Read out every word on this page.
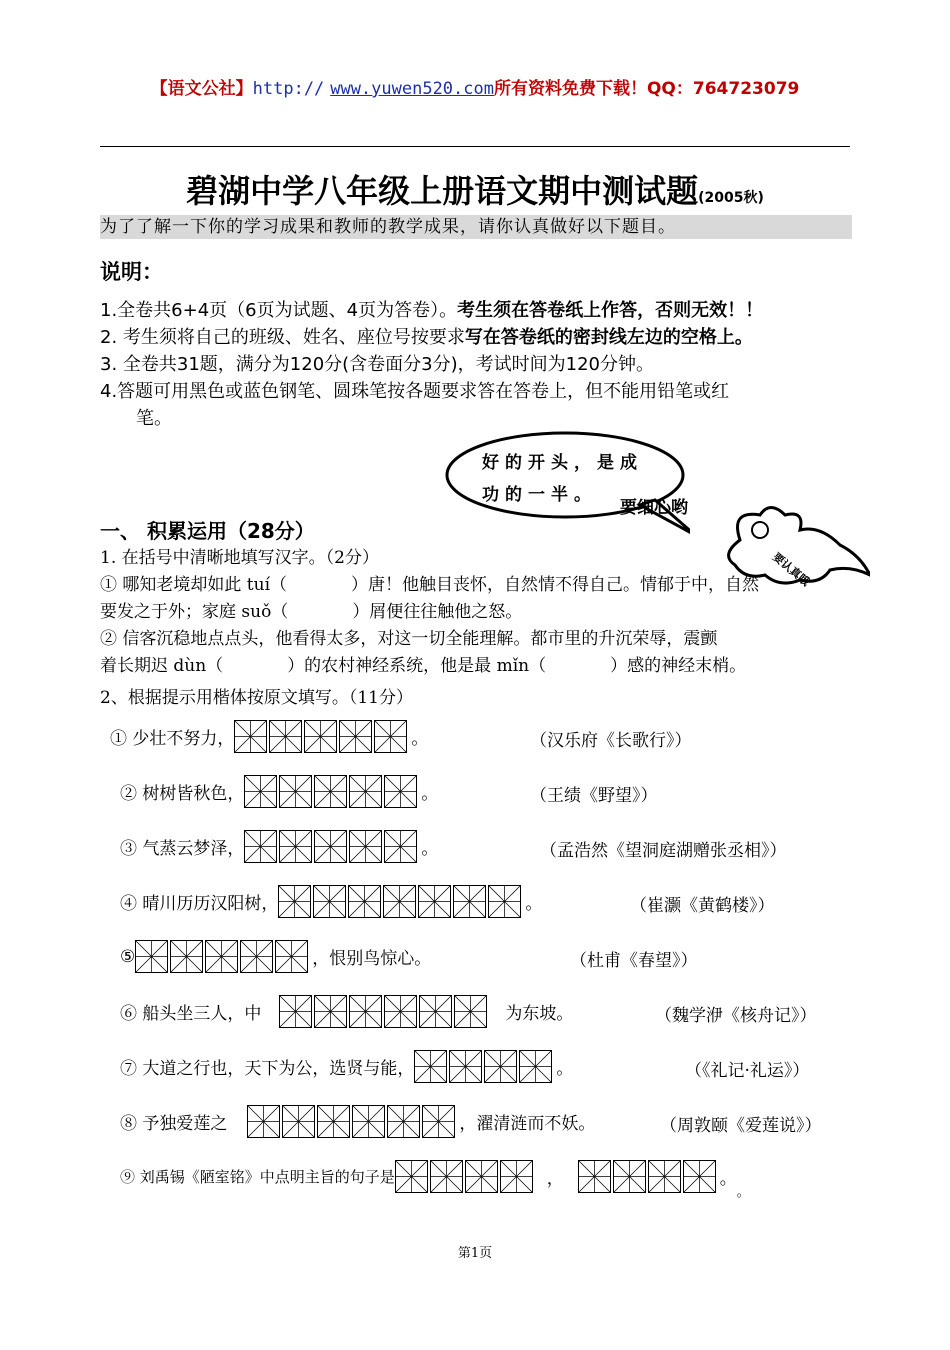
【语文公社】http:// www.yuwen520.com所有资料免费下载！QQ：764723079
碧湖中学八年级上册语文期中测试题(2005秋)
为了了解一下你的学习成果和教师的教学成果，请你认真做好以下题目。
说明：

1.全卷共6+4页（6页为试题、4页为答卷）。考生须在答卷纸上作答，否则无效！！

2. 考生须将自己的班级、姓名、座位号按要求写在答卷纸的密封线左边的空格上。

3. 全卷共31题，满分为120分(含卷面分3分)，考试时间为120分钟。

4.答题可用黑色或蓝色钢笔、圆珠笔按各题要求答在答卷上，但不能用铅笔或红

笔。

好的开头，是成
功的一半。
要细心哟
要认真哦
一、 积累运用（28分）

1. 在括号中清晰地填写汉字。（2分）

① 哪知老境却如此 tuí（	）唐！他触目丧怀，自然情不得自己。情郁于中，自然

要发之于外；家庭 suǒ（	）屑便往往触他之怒。

② 信客沉稳地点点头，他看得太多，对这一切全能理解。都市里的升沉荣辱，震颤

着长期迟 dùn（	）的农村神经系统，他是最 mǐn（	）感的神经末梢。

2、根据提示用楷体按原文填写。（11分）
① 少壮不努力，	。	（汉乐府《长歌行》）
② 树树皆秋色，	。	（王绩《野望》）
③ 气蒸云梦泽，	。	（孟浩然《望洞庭湖赠张丞相》）
④ 晴川历历汉阳树，	。	（崔灏《黄鹤楼》）
⑤	，恨别鸟惊心。	（杜甫《春望》）
⑥ 船头坐三人，中	为东坡。	（魏学洢《核舟记》）
⑦ 大道之行也，天下为公，选贤与能，	。	（《礼记·礼运》）
⑧ 予独爱莲之	，濯清涟而不妖。	（周敦颐《爱莲说》）
⑨ 刘禹锡《陋室铭》中点明主旨的句子是	，	。
。
第1页
